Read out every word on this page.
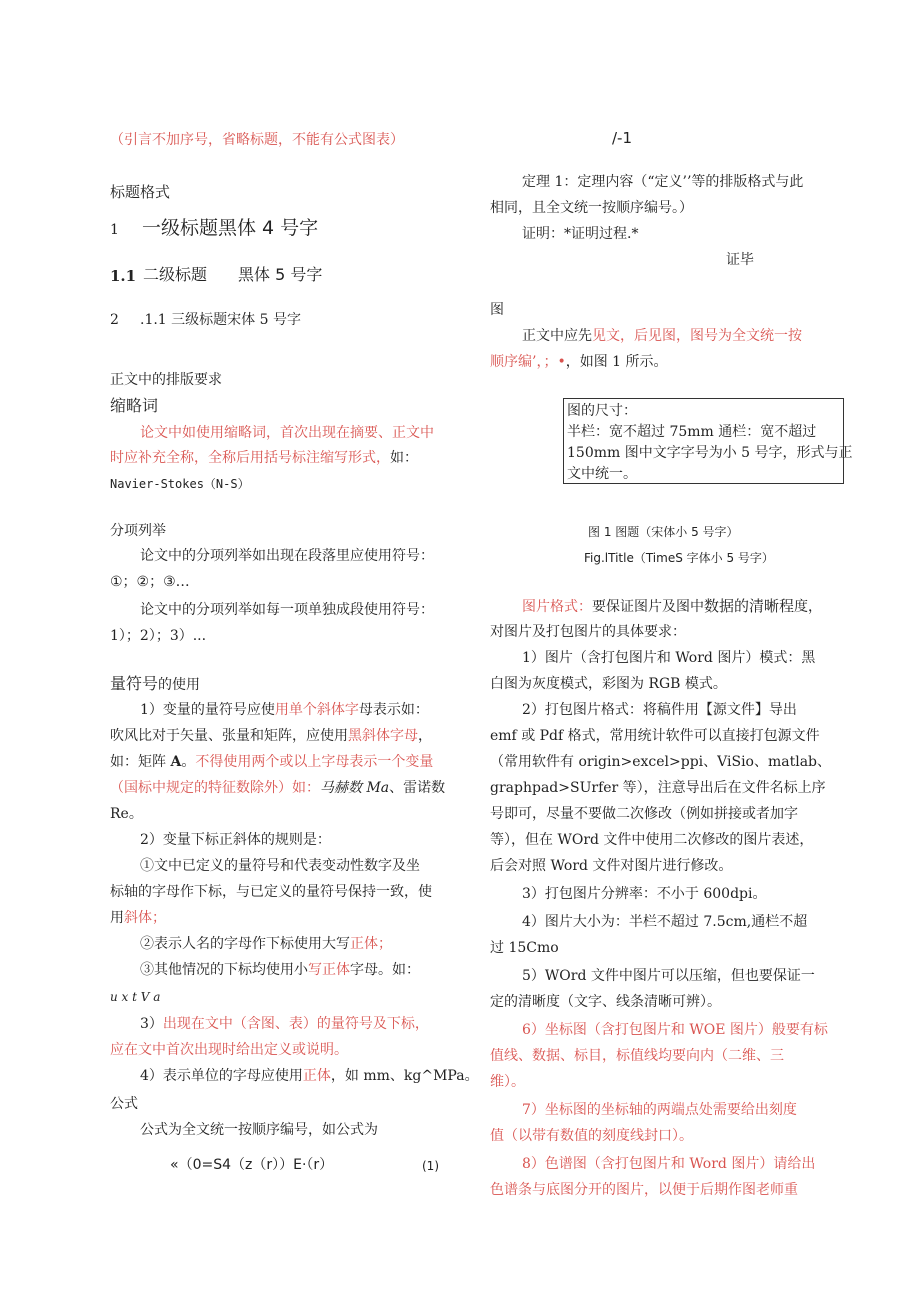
（引言不加序号，省略标题，不能有公式图表）
标题格式
1 一级标题黑体 4 号字
1.1 二级标题 黑体 5 号字
2 .1.1 三级标题宋体 5 号字
正文中的排版要求
缩略词
论文中如使用缩略词，首次出现在摘要、正文中
时应补充全称，全称后用括号标注缩写形式，如：
Navier-Stokes（N-S）
分项列举
论文中的分项列举如出现在段落里应使用符号：
①；②；③…
论文中的分项列举如每一项单独成段使用符号：
1）；2）；3）...
量符号的使用
1）变量的量符号应使用单个斜体字母表示如：
吹风比对于矢量、张量和矩阵，应使用黑斜体字母，
如：矩阵 A。不得使用两个或以上字母表示一个变量
（国标中规定的特征数除外）如：马赫数 Ma、雷诺数
Re。
2）变量下标正斜体的规则是：
①文中已定义的量符号和代表变动性数字及坐
标轴的字母作下标，与已定义的量符号保持一致，使
用斜体；
②表示人名的字母作下标使用大写正体；
③其他情况的下标均使用小写正体字母。如：
u x t V a
3）出现在文中（含图、表）的量符号及下标，
应在文中首次出现时给出定义或说明。
4）表示单位的字母应使用正体，如 mm、kg^MPa。
公式
公式为全文统一按顺序编号，如公式为
«（0=S4（z（r））E·（r）	(1)
/-1
定理 1：定理内容（“定义’’等的排版格式与此
相同，且全文统一按顺序编号。）
证明：*证明过程.*
证毕
图
正文中应先见文，后见图，图号为全文统一按
顺序编’，；•，如图 1 所示。
图的尺寸：
半栏：宽不超过 75mm 通栏：宽不超过
150mm 图中文字字号为小 5 号字，形式与正
文中统一。
图 1 图题（宋体小 5 号字）
Fig.lTitle（TimeS 字体小 5 号字）
图片格式：要保证图片及图中数据的清晰程度，
对图片及打包图片的具体要求：
1）图片（含打包图片和 Word 图片）模式：黑
白图为灰度模式，彩图为 RGB 模式。
2）打包图片格式：将稿件用【源文件】导出
emf 或 Pdf 格式，常用统计软件可以直接打包源文件
（常用软件有 origin>excel>ppi、ViSio、matlab、
graphpad>SUrfer 等），注意导出后在文件名标上序
号即可，尽量不要做二次修改（例如拼接或者加字
等），但在 WOrd 文件中使用二次修改的图片表述，
后会对照 Word 文件对图片进行修改。
3）打包图片分辨率：不小于 600dpi。
4）图片大小为：半栏不超过 7.5cm,通栏不超
过 15Cmo
5）WOrd 文件中图片可以压缩，但也要保证一
定的清晰度（文字、线条清晰可辨）。
6）坐标图（含打包图片和 WOE 图片）般要有标
值线、数据、标目，标值线均要向内（二维、三
维）。
7）坐标图的坐标轴的两端点处需要给出刻度
值（以带有数值的刻度线封口）。
8）色谱图（含打包图片和 Word 图片）请给出
色谱条与底图分开的图片，以便于后期作图老师重
